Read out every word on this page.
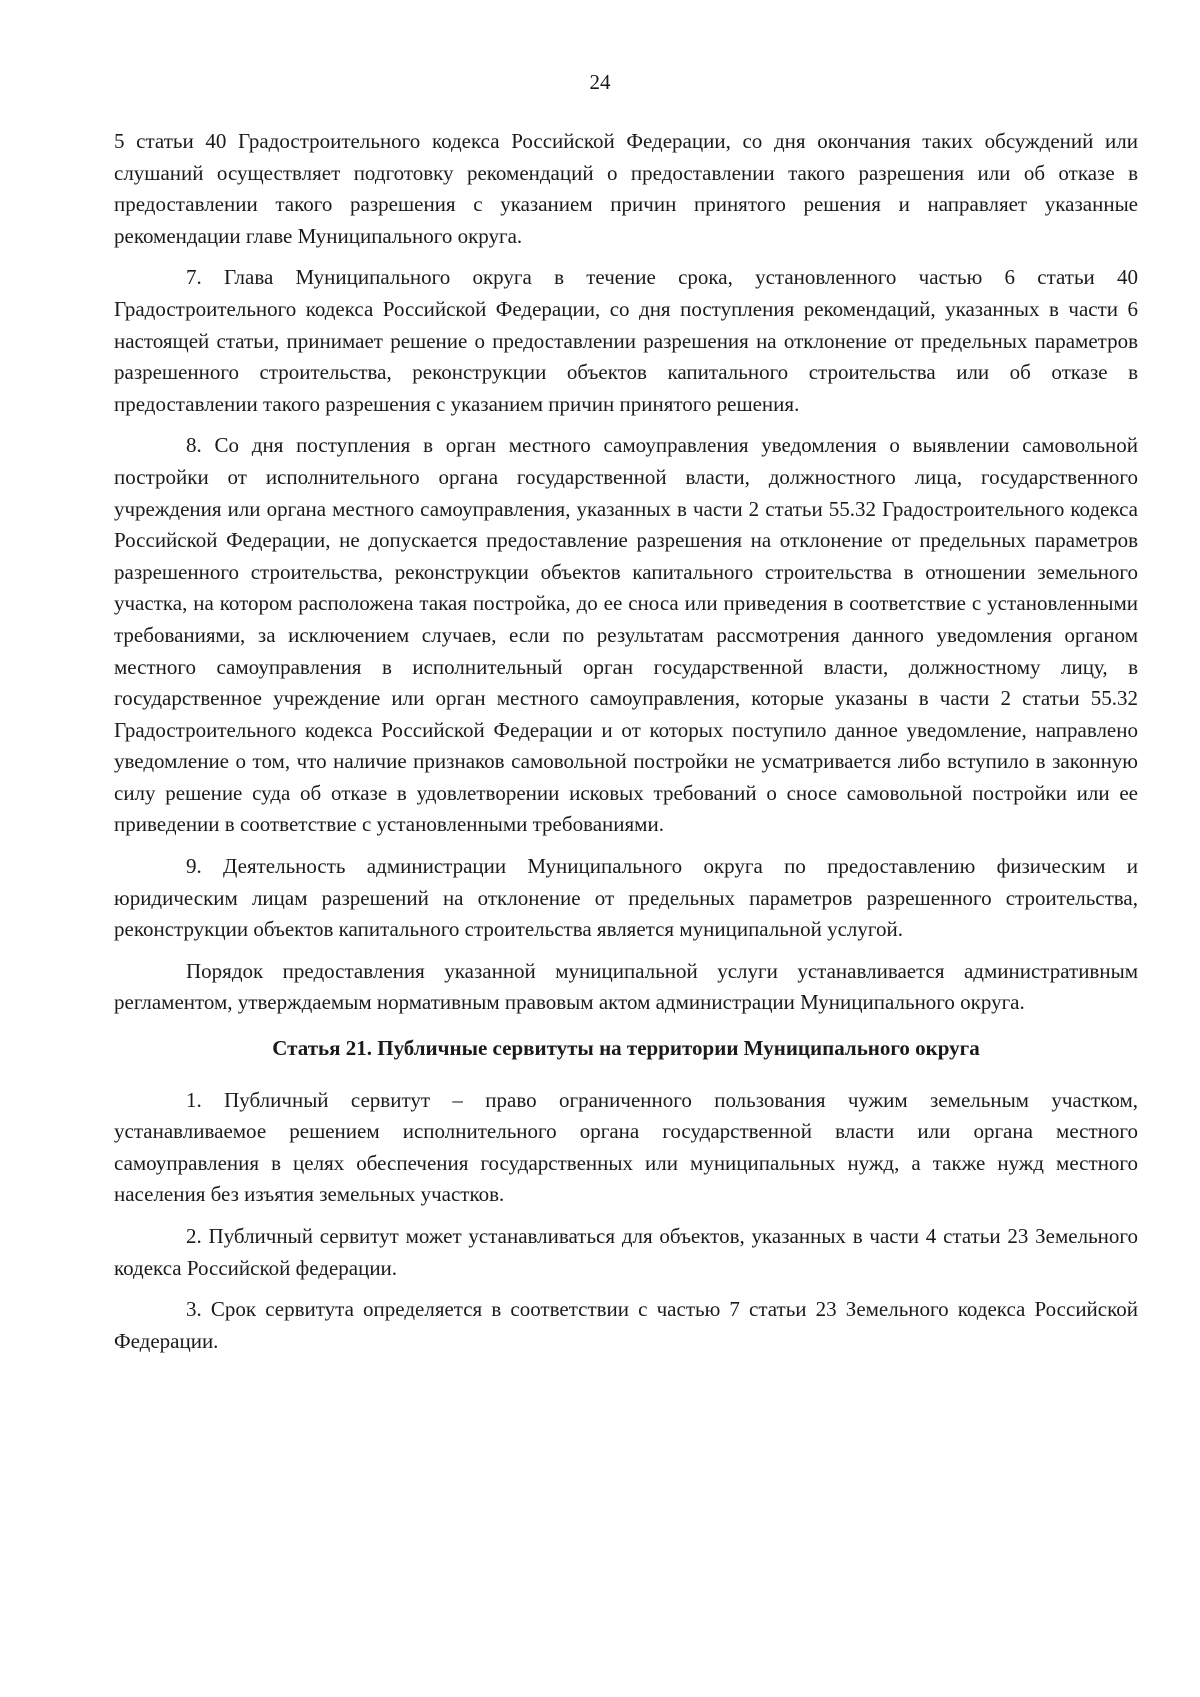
24

5 статьи 40 Градостроительного кодекса Российской Федерации, со дня окончания таких обсуждений или слушаний осуществляет подготовку рекомендаций о предоставлении такого разрешения или об отказе в предоставлении такого разрешения с указанием причин принятого решения и направляет указанные рекомендации главе Муниципального округа.

7. Глава Муниципального округа в течение срока, установленного частью 6 статьи 40 Градостроительного кодекса Российской Федерации, со дня поступления рекомендаций, указанных в части 6 настоящей статьи, принимает решение о предоставлении разрешения на отклонение от предельных параметров разрешенного строительства, реконструкции объектов капитального строительства или об отказе в предоставлении такого разрешения с указанием причин принятого решения.

8. Со дня поступления в орган местного самоуправления уведомления о выявлении самовольной постройки от исполнительного органа государственной власти, должностного лица, государственного учреждения или органа местного самоуправления, указанных в части 2 статьи 55.32 Градостроительного кодекса Российской Федерации, не допускается предоставление разрешения на отклонение от предельных параметров разрешенного строительства, реконструкции объектов капитального строительства в отношении земельного участка, на котором расположена такая постройка, до ее сноса или приведения в соответствие с установленными требованиями, за исключением случаев, если по результатам рассмотрения данного уведомления органом местного самоуправления в исполнительный орган государственной власти, должностному лицу, в государственное учреждение или орган местного самоуправления, которые указаны в части 2 статьи 55.32 Градостроительного кодекса Российской Федерации и от которых поступило данное уведомление, направлено уведомление о том, что наличие признаков самовольной постройки не усматривается либо вступило в законную силу решение суда об отказе в удовлетворении исковых требований о сносе самовольной постройки или ее приведении в соответствие с установленными требованиями.

9. Деятельность администрации Муниципального округа по предоставлению физическим и юридическим лицам разрешений на отклонение от предельных параметров разрешенного строительства, реконструкции объектов капитального строительства является муниципальной услугой.

Порядок предоставления указанной муниципальной услуги устанавливается административным регламентом, утверждаемым нормативным правовым актом администрации Муниципального округа.

Статья 21. Публичные сервитуты на территории Муниципального округа

1. Публичный сервитут – право ограниченного пользования чужим земельным участком, устанавливаемое решением исполнительного органа государственной власти или органа местного самоуправления в целях обеспечения государственных или муниципальных нужд, а также нужд местного населения без изъятия земельных участков.

2. Публичный сервитут может устанавливаться для объектов, указанных в части 4 статьи 23 Земельного кодекса Российской федерации.

3. Срок сервитута определяется в соответствии с частью 7 статьи 23 Земельного кодекса Российской Федерации.
